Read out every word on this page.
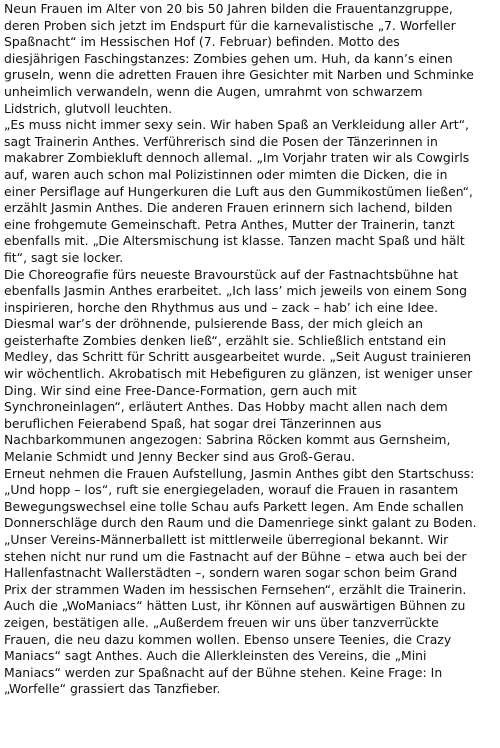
Neun Frauen im Alter von 20 bis 50 Jahren bilden die Frauentanzgruppe,
deren Proben sich jetzt im Endspurt für die karnevalistische „7. Worfeller
Spaßnacht“ im Hessischen Hof (7. Februar) befinden. Motto des
diesjährigen Faschingstanzes: Zombies gehen um. Huh, da kann’s einen
gruseln, wenn die adretten Frauen ihre Gesichter mit Narben und Schminke
unheimlich verwandeln, wenn die Augen, umrahmt von schwarzem
Lidstrich, glutvoll leuchten.

„Es muss nicht immer sexy sein. Wir haben Spaß an Verkleidung aller Art“,
sagt Trainerin Anthes. Verführerisch sind die Posen der Tänzerinnen in
makabrer Zombiekluft dennoch allemal. „Im Vorjahr traten wir als Cowgirls
auf, waren auch schon mal Polizistinnen oder mimten die Dicken, die in
einer Persiflage auf Hungerkuren die Luft aus den Gummikostümen ließen“,
erzählt Jasmin Anthes. Die anderen Frauen erinnern sich lachend, bilden
eine frohgemute Gemeinschaft. Petra Anthes, Mutter der Trainerin, tanzt
ebenfalls mit. „Die Altersmischung ist klasse. Tanzen macht Spaß und hält
fit“, sagt sie locker.

Die Choreografie fürs neueste Bravourstück auf der Fastnachtsbühne hat
ebenfalls Jasmin Anthes erarbeitet. „Ich lass’ mich jeweils von einem Song
inspirieren, horche den Rhythmus aus und – zack – hab’ ich eine Idee.
Diesmal war’s der dröhnende, pulsierende Bass, der mich gleich an
geisterhafte Zombies denken ließ“, erzählt sie. Schließlich entstand ein
Medley, das Schritt für Schritt ausgearbeitet wurde. „Seit August trainieren
wir wöchentlich. Akrobatisch mit Hebefiguren zu glänzen, ist weniger unser
Ding. Wir sind eine Free-Dance-Formation, gern auch mit
Synchroneinlagen“, erläutert Anthes. Das Hobby macht allen nach dem
beruflichen Feierabend Spaß, hat sogar drei Tänzerinnen aus
Nachbarkommunen angezogen: Sabrina Röcken kommt aus Gernsheim,
Melanie Schmidt und Jenny Becker sind aus Groß-Gerau.

Erneut nehmen die Frauen Aufstellung, Jasmin Anthes gibt den Startschuss:
„Und hopp – los“, ruft sie energiegeladen, worauf die Frauen in rasantem
Bewegungswechsel eine tolle Schau aufs Parkett legen. Am Ende schallen
Donnerschläge durch den Raum und die Damenriege sinkt galant zu Boden.

„Unser Vereins-Männerballett ist mittlerweile überregional bekannt. Wir
stehen nicht nur rund um die Fastnacht auf der Bühne – etwa auch bei der
Hallenfastnacht Wallerstädten –, sondern waren sogar schon beim Grand
Prix der strammen Waden im hessischen Fernsehen“, erzählt die Trainerin.
Auch die „WoManiacs“ hätten Lust, ihr Können auf auswärtigen Bühnen zu
zeigen, bestätigen alle. „Außerdem freuen wir uns über tanzverrückte
Frauen, die neu dazu kommen wollen. Ebenso unsere Teenies, die Crazy
Maniacs“ sagt Anthes. Auch die Allerkleinsten des Vereins, die „Mini
Maniacs“ werden zur Spaßnacht auf der Bühne stehen. Keine Frage: In
„Worfelle“ grassiert das Tanzfieber.
